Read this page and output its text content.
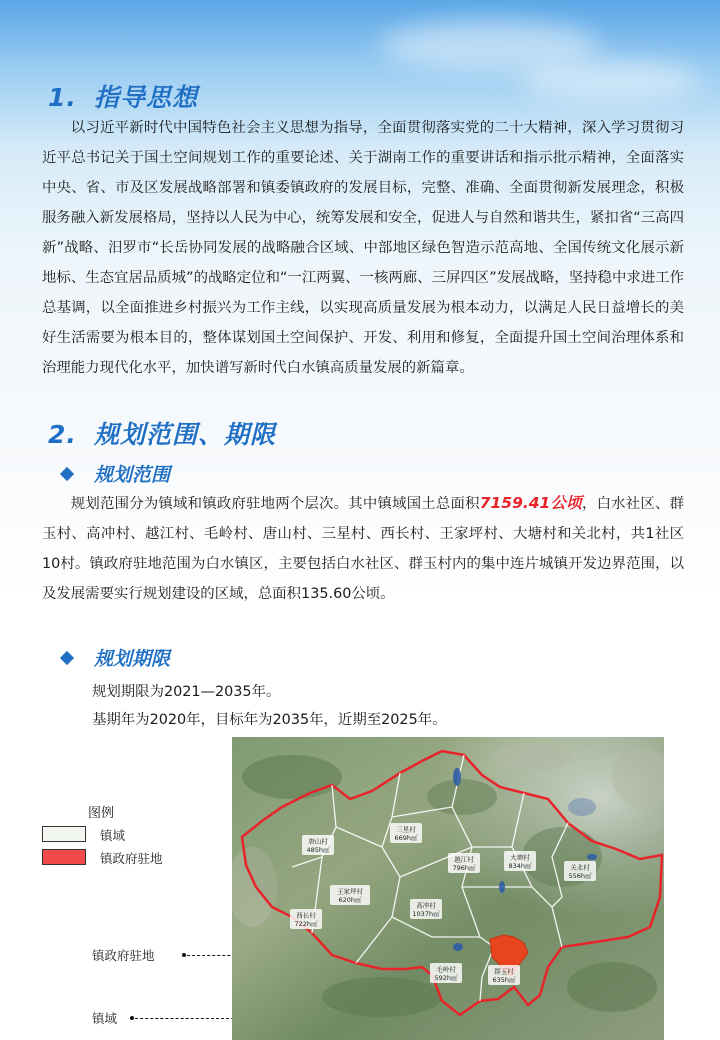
1. 指导思想
以习近平新时代中国特色社会主义思想为指导，全面贯彻落实党的二十大精神，深入学习贯彻习近平总书记关于国土空间规划工作的重要论述、关于湖南工作的重要讲话和指示批示精神，全面落实中央、省、市及区发展战略部署和镇委镇政府的发展目标，完整、准确、全面贯彻新发展理念，积极服务融入新发展格局，坚持以人民为中心，统筹发展和安全，促进人与自然和谐共生，紧扣省“三高四新”战略、汨罗市“长岳协同发展的战略融合区域、中部地区绿色智造示范高地、全国传统文化展示新地标、生态宜居品质城”的战略定位和“一江两翼、一核两廊、三屏四区”发展战略，坚持稳中求进工作总基调，以全面推进乡村振兴为工作主线，以实现高质量发展为根本动力，以满足人民日益增长的美好生活需要为根本目的，整体谋划国土空间保护、开发、利用和修复，全面提升国土空间治理体系和治理能力现代化水平，加快谱写新时代白水镇高质量发展的新篇章。
2. 规划范围、期限
规划范围
规划范围分为镇域和镇政府驻地两个层次。其中镇域国土总面积7159.41公顷，白水社区、群玉村、高冲村、越江村、毛岭村、唐山村、三星村、西长村、王家坪村、大塘村和关北村，共1社区10村。镇政府驻地范围为白水镇区，主要包括白水社区、群玉村内的集中连片城镇开发边界范围，以及发展需要实行规划建设的区域，总面积135.60公顷。
规划期限
规划期限为2021—2035年。
基期年为2020年，目标年为2035年，近期至2025年。
图例
镇域
镇政府驻地
镇政府驻地
镇域
唐山村
485h㎡
三星村
669h㎡
越江村
796h㎡
大塘村
834h㎡	关北村
556h㎡
王家坪村
620h㎡
高冲村
1037h㎡
西长村
722h㎡
毛岭村
592h㎡
群玉村
635h㎡
